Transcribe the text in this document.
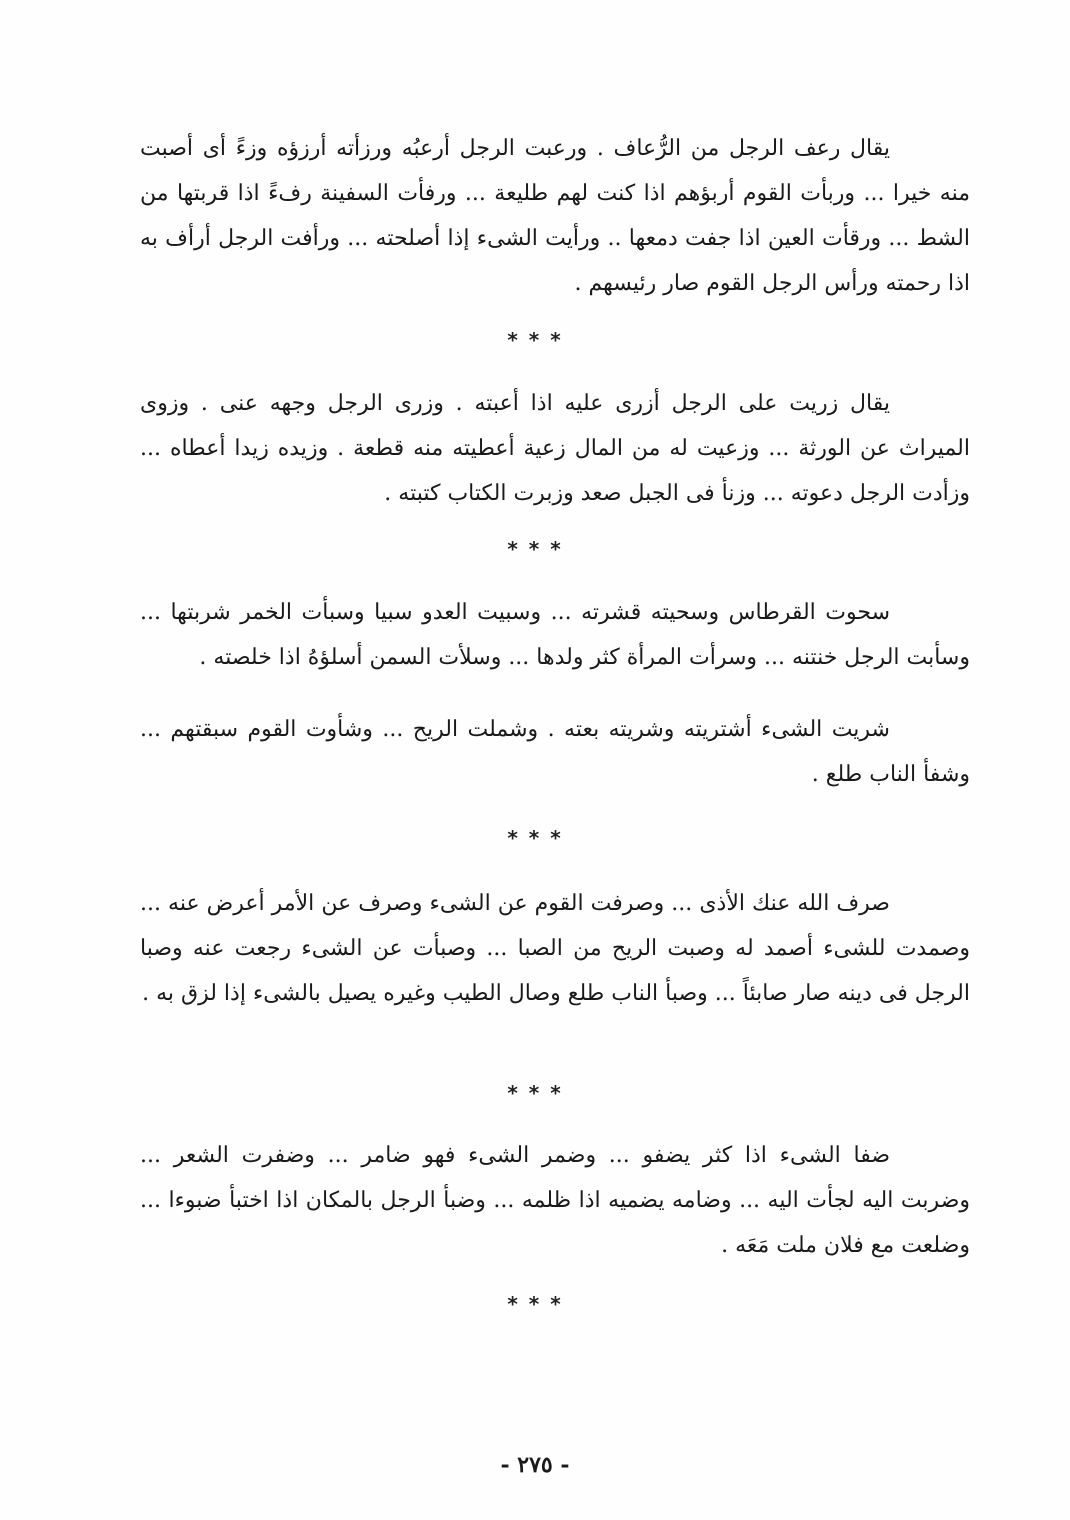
يقال رعف الرجل من الرُّعاف . ورعبت الرجل أرعبُه ورزأته أرزؤه وزءً أى أصبت منه خيرا ... وربأت القوم أربؤهم اذا كنت لهم طليعة ... ورفأت السفينة رفءً اذا قربتها من الشط ... ورقأت العين اذا جفت دمعها .. ورأيت الشىء إذا أصلحته ... ورأفت الرجل أرأف به اذا رحمته ورأس الرجل القوم صار رئيسهم .

* * *

يقال زريت على الرجل أزرى عليه اذا أعبته . وزرى الرجل وجهه عنى . وزوى الميراث عن الورثة ... وزعيت له من المال زعية أعطيته منه قطعة . وزيده زيدا أعطاه ... وزأدت الرجل دعوته ... وزنأ فى الجبل صعد وزبرت الكتاب كتبته .

* * *

سحوت القرطاس وسحيته قشرته ... وسبيت العدو سبيا وسبأت الخمر شربتها ... وسأبت الرجل خنتنه ... وسرأت المرأة كثر ولدها ... وسلأت السمن أسلؤهُ اذا خلصته .

شريت الشىء أشتريته وشريته بعته . وشملت الريح ... وشأوت القوم سبقتهم ... وشفأ الناب طلع .

* * *

صرف الله عنك الأذى ... وصرفت القوم عن الشىء وصرف عن الأمر أعرض عنه ... وصمدت للشىء أصمد له وصبت الريح من الصبا ... وصبأت عن الشىء رجعت عنه وصبا الرجل فى دينه صار صابئاً ... وصبأ الناب طلع وصال الطيب وغيره يصيل بالشىء إذا لزق به .

* * *

ضفا الشىء اذا كثر يضفو ... وضمر الشىء فهو ضامر ... وضفرت الشعر ... وضربت اليه لجأت اليه ... وضامه يضميه اذا ظلمه ... وضبأ الرجل بالمكان اذا اختبأ ضبوءا ... وضلعت مع فلان ملت مَعَه .

* * *
- ٢٧٥ -
